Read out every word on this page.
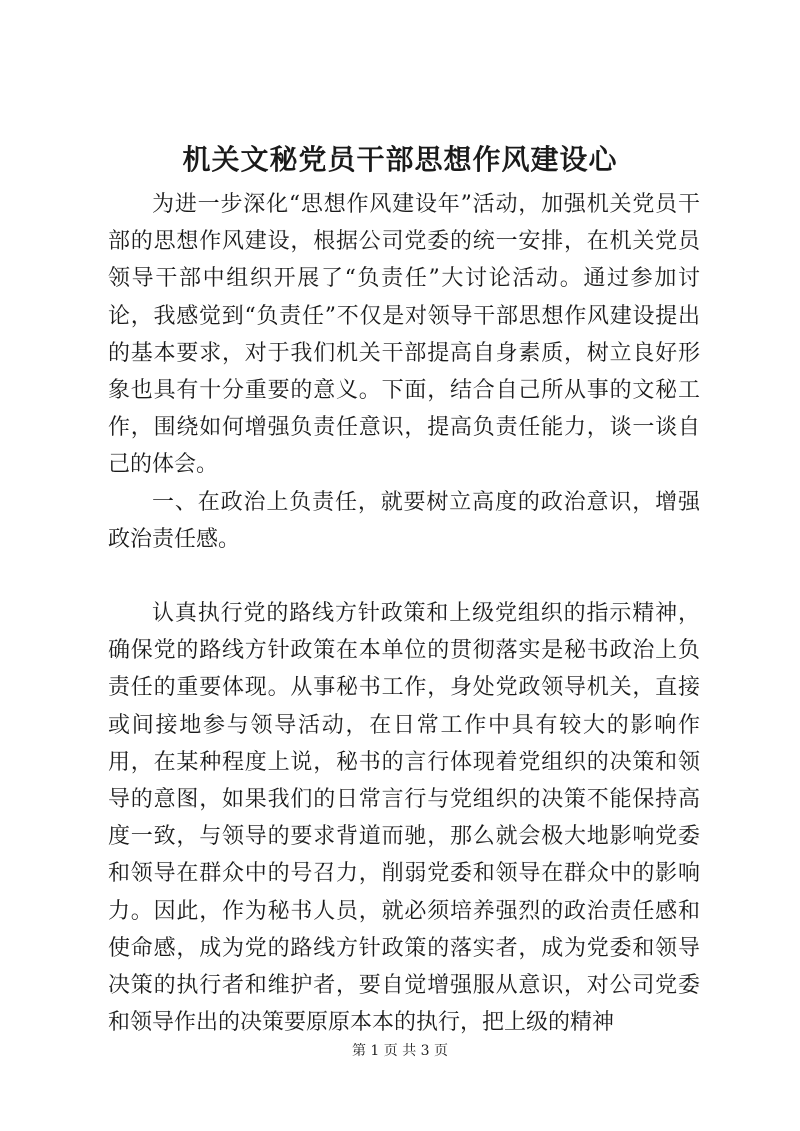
机关文秘党员干部思想作风建设心

为进一步深化“思想作风建设年”活动，加强机关党员干部的思想作风建设，根据公司党委的统一安排，在机关党员领导干部中组织开展了“负责任”大讨论活动。通过参加讨论，我感觉到“负责任”不仅是对领导干部思想作风建设提出的基本要求，对于我们机关干部提高自身素质，树立良好形象也具有十分重要的意义。下面，结合自己所从事的文秘工作，围绕如何增强负责任意识，提高负责任能力，谈一谈自己的体会。

一、在政治上负责任，就要树立高度的政治意识，增强政治责任感。

认真执行党的路线方针政策和上级党组织的指示精神，确保党的路线方针政策在本单位的贯彻落实是秘书政治上负责任的重要体现。从事秘书工作，身处党政领导机关，直接或间接地参与领导活动，在日常工作中具有较大的影响作用，在某种程度上说，秘书的言行体现着党组织的决策和领导的意图，如果我们的日常言行与党组织的决策不能保持高度一致，与领导的要求背道而驰，那么就会极大地影响党委和领导在群众中的号召力，削弱党委和领导在群众中的影响力。因此，作为秘书人员，就必须培养强烈的政治责任感和使命感，成为党的路线方针政策的落实者，成为党委和领导决策的执行者和维护者，要自觉增强服从意识，对公司党委和领导作出的决策要原原本本的执行，把上级的精神

第 1 页 共 3 页
